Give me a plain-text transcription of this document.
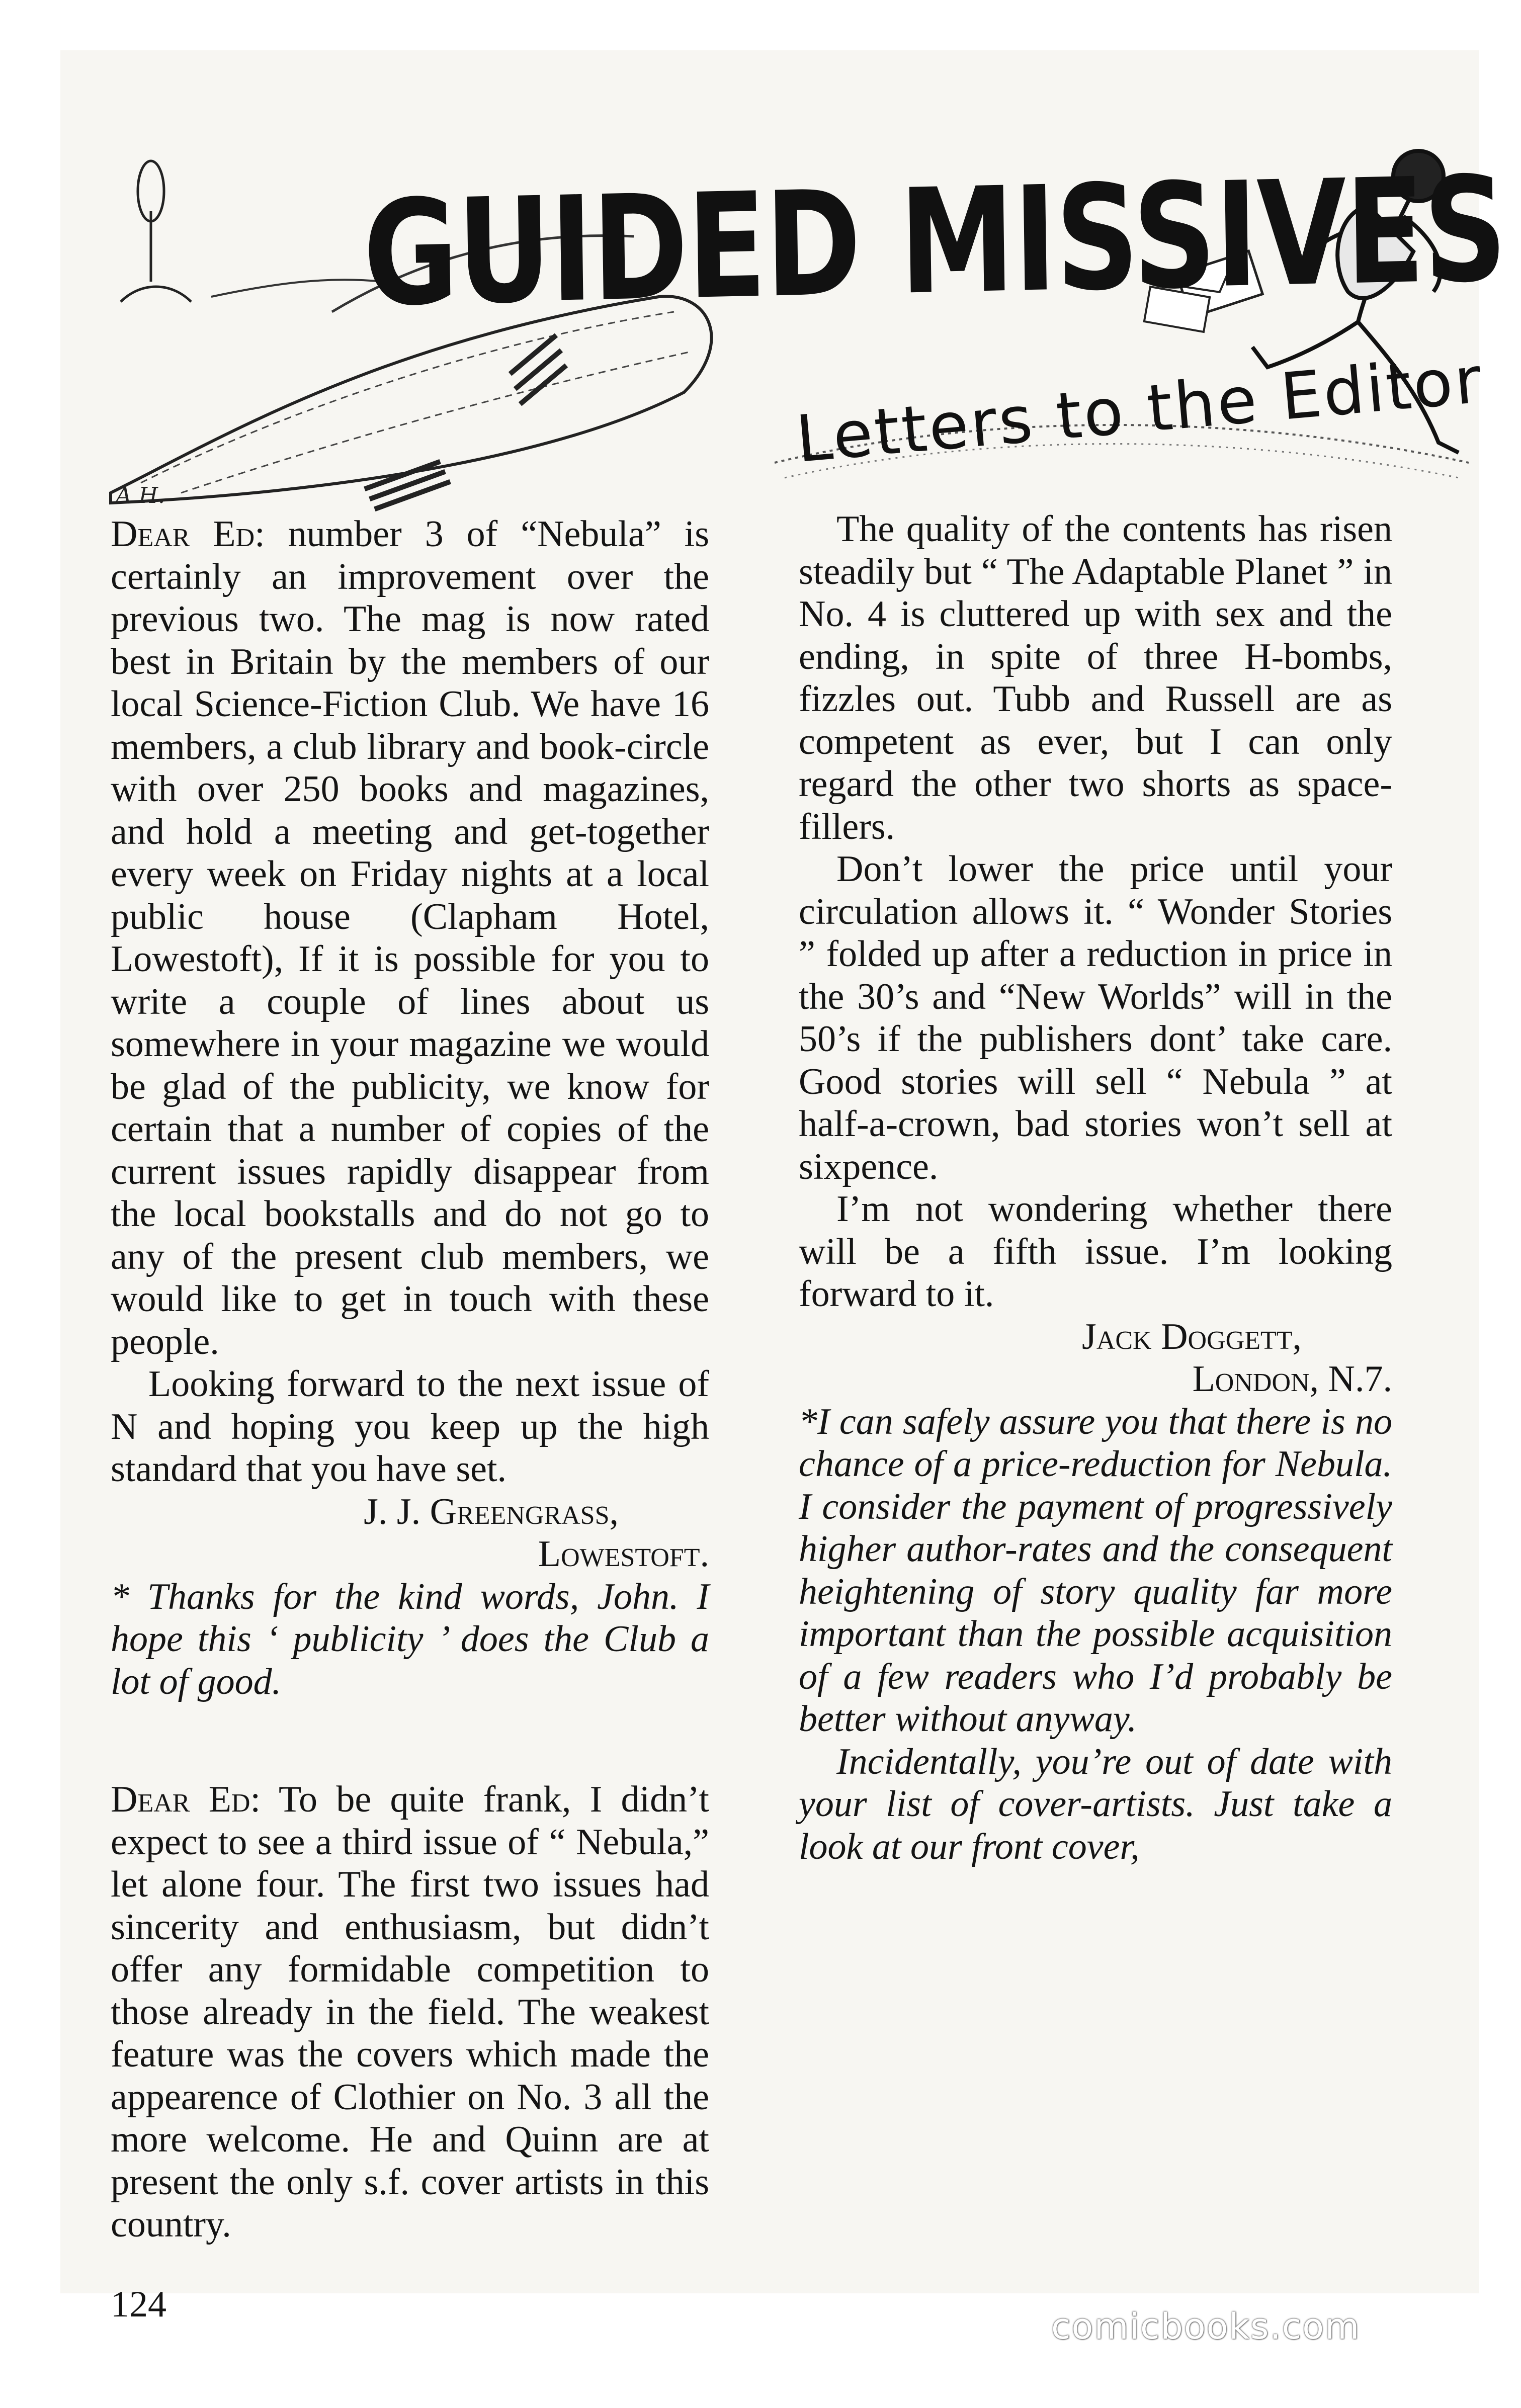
GUIDED MISSIVES
Letters to the Editor
A.H.

Dear Ed: number 3 of “Nebula” is certainly an improvement over the previous two. The mag is now rated best in Britain by the members of our local Science-Fiction Club. We have 16 members, a club library and book-circle with over 250 books and magazines, and hold a meeting and get-together every week on Friday nights at a local public house (Clapham Hotel, Lowestoft), If it is possible for you to write a couple of lines about us somewhere in your magazine we would be glad of the publicity, we know for certain that a number of copies of the current issues rapidly disappear from the local bookstalls and do not go to any of the present club members, we would like to get in touch with these people.

Looking forward to the next issue of N and hoping you keep up the high standard that you have set.

J. J. Greengrass,

Lowestoft.

* Thanks for the kind words, John. I hope this ‘ publicity ’ does the Club a lot of good.

Dear Ed: To be quite frank, I didn’t expect to see a third issue of “ Nebula,” let alone four. The first two issues had sincerity and enthusiasm, but didn’t offer any formidable competition to those already in the field. The weakest feature was the covers which made the appearence of Clothier on No. 3 all the more welcome. He and Quinn are at present the only s.f. cover artists in this country.

The quality of the contents has risen steadily but “ The Adaptable Planet ” in No. 4 is cluttered up with sex and the ending, in spite of three H-bombs, fizzles out. Tubb and Russell are as competent as ever, but I can only regard the other two shorts as space-fillers.

Don’t lower the price until your circulation allows it. “ Wonder Stories ” folded up after a reduction in price in the 30’s and “New Worlds” will in the 50’s if the publishers dont’ take care. Good stories will sell “ Nebula ” at half-a-crown, bad stories won’t sell at sixpence.

I’m not wondering whether there will be a fifth issue. I’m looking forward to it.

Jack Doggett,

London, N.7.

*I can safely assure you that there is no chance of a price-reduction for Nebula. I consider the payment of progressively higher author-rates and the consequent heightening of story quality far more important than the possible acquisition of a few readers who I’d probably be better without anyway.

Incidentally, you’re out of date with your list of cover-artists. Just take a look at our front cover,

124
comicbooks.com
